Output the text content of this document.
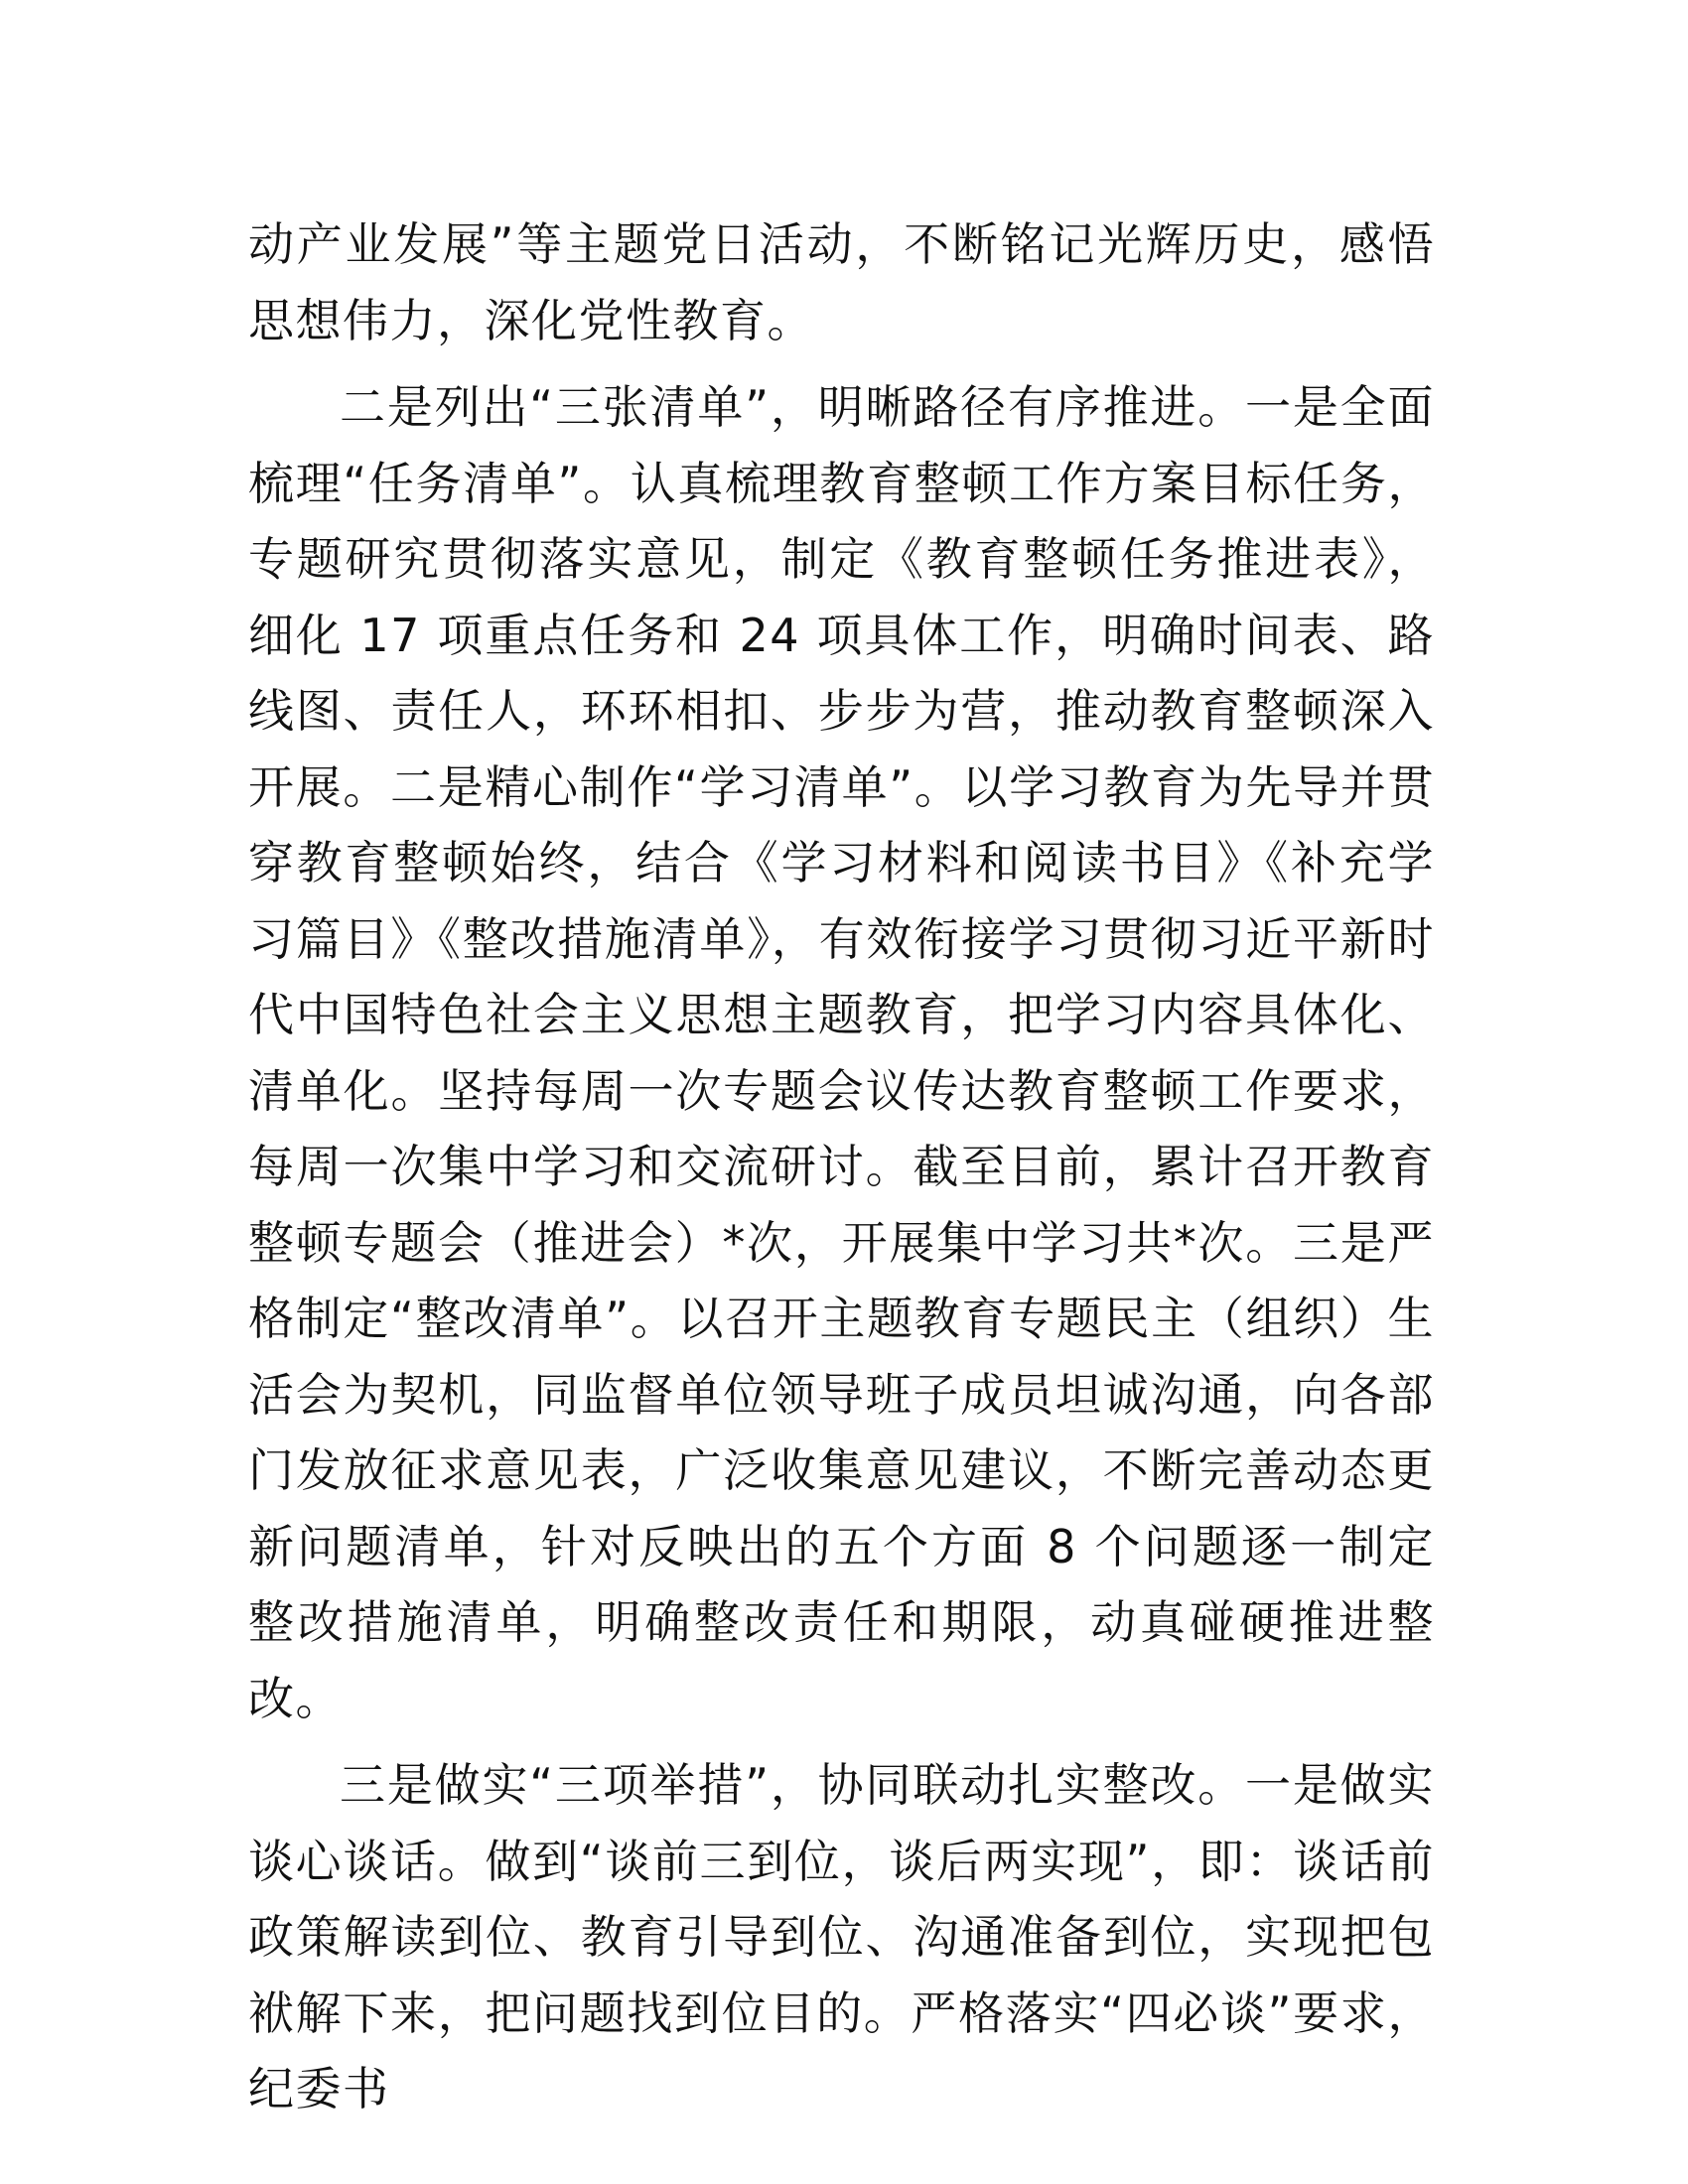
动产业发展”等主题党日活动，不断铭记光辉历史，感悟思想伟力，深化党性教育。

二是列出“三张清单”，明晰路径有序推进。一是全面梳理“任务清单”。认真梳理教育整顿工作方案目标任务，专题研究贯彻落实意见，制定《教育整顿任务推进表》，细化 17 项重点任务和 24 项具体工作，明确时间表、路线图、责任人，环环相扣、步步为营，推动教育整顿深入开展。二是精心制作“学习清单”。以学习教育为先导并贯穿教育整顿始终，结合《学习材料和阅读书目》《补充学习篇目》《整改措施清单》，有效衔接学习贯彻习近平新时代中国特色社会主义思想主题教育，把学习内容具体化、清单化。坚持每周一次专题会议传达教育整顿工作要求，每周一次集中学习和交流研讨。截至目前，累计召开教育整顿专题会（推进会）*次，开展集中学习共*次。三是严格制定“整改清单”。以召开主题教育专题民主（组织）生活会为契机，同监督单位领导班子成员坦诚沟通，向各部门发放征求意见表，广泛收集意见建议，不断完善动态更新问题清单，针对反映出的五个方面 8 个问题逐一制定整改措施清单，明确整改责任和期限，动真碰硬推进整改。

三是做实“三项举措”，协同联动扎实整改。一是做实谈心谈话。做到“谈前三到位，谈后两实现”，即：谈话前政策解读到位、教育引导到位、沟通准备到位，实现把包袱解下来，把问题找到位目的。严格落实“四必谈”要求，纪委书
